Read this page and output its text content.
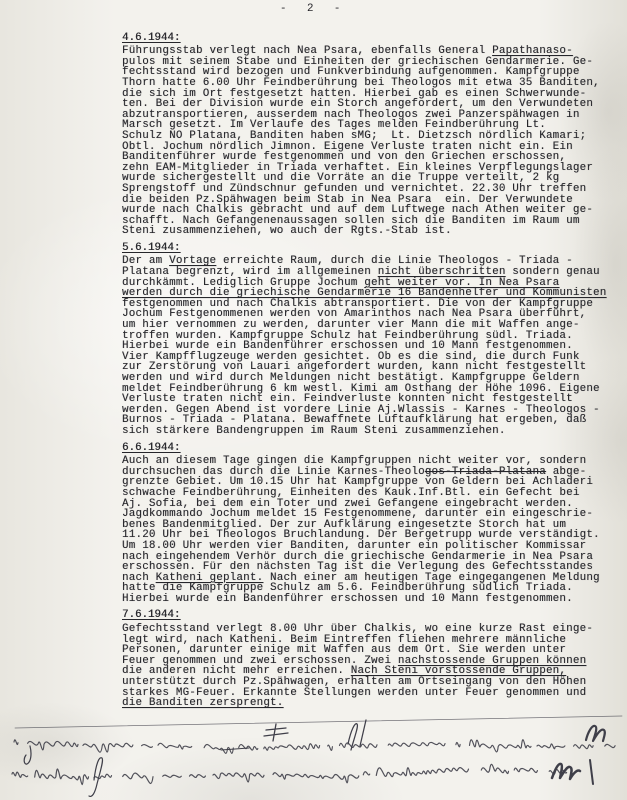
- 2 -
4.6.1944:
Führungsstab verlegt nach Nea Psara, ebenfalls General Papathanaso-
pulos mit seinem Stabe und Einheiten der griechischen Gendarmerie. Ge-
fechtsstand wird bezogen und Funkverbindung aufgenommen. Kampfgruppe
Thorn hatte 6.00 Uhr Feindberührung bei Theologos mit etwa 35 Banditen,
die sich im Ort festgesetzt hatten. Hierbei gab es einen Schwerwunde-
ten. Bei der Division wurde ein Storch angefordert, um den Verwundeten
abzutransportieren, ausserdem nach Theologos zwei Panzerspähwagen in
Marsch gesetzt. Im Verlaufe des Tages melden Feindberührung Lt.
Schulz NO Platana, Banditen haben sMG;  Lt. Dietzsch nördlich Kamari;
Obtl. Jochum nördlich Jimnon. Eigene Verluste traten nicht ein. Ein
Banditenführer wurde festgenommen und von den Griechen erschossen,
zehn EAM-Mitglieder in Triada verhaftet. Ein kleines Verpflegungslager
wurde sichergestellt und die Vorräte an die Truppe verteilt, 2 kg
Sprengstoff und Zündschnur gefunden und vernichtet. 22.30 Uhr treffen
die beiden Pz.Spähwagen beim Stab in Nea Psara  ein. Der Verwundete
wurde nach Chalkis gebracht und auf dem Luftwege nach Athen weiter ge-
schafft. Nach Gefangenenaussagen sollen sich die Banditen im Raum um
Steni zusammenziehen, wo auch der Rgts.-Stab ist.
5.6.1944:
Der am Vortage erreichte Raum, durch die Linie Theologos - Triada -
Platana begrenzt, wird im allgemeinen nicht überschritten sondern genau
durchkämmt. Lediglich Gruppe Jochum geht weiter vor. In Nea Psara
werden durch die griechische Gendarmerie 16 Bandenhelfer und Kommunisten
festgenommen und nach Chalkis abtransportiert. Die von der Kampfgruppe
Jochum Festgenommenen werden von Amarinthos nach Nea Psara überführt,
um hier vernommen zu werden, darunter vier Mann die mit Waffen ange-
troffen wurden. Kampfgruppe Schulz hat Feindberührung südl. Triada.
Hierbei wurde ein Bandenführer erschossen und 10 Mann festgenommen.
Vier Kampfflugzeuge werden gesichtet. Ob es die sind, die durch Funk
zur Zerstörung von Lauari angefordert wurden, kann nicht festgestellt
werden und wird durch Meldungen nicht bestätigt. Kampfgruppe Geldern
meldet Feindberührung 6 km westl. Kimi am Osthang der Höhe 1096. Eigene
Verluste traten nicht ein. Feindverluste konnten nicht festgestellt
werden. Gegen Abend ist vordere Linie Aj.Wlassis - Karnes - Theologos -
Burnos - Triada - Platana. Bewaffnete Luftaufklärung hat ergeben, daß
sich stärkere Bandengruppen im Raum Steni zusammenziehen.
6.6.1944:
Auch an diesem Tage gingen die Kampfgruppen nicht weiter vor, sondern
durchsuchen das durch die Linie Karnes-Theologos-Triada-Platana abge-
grenzte Gebiet. Um 10.15 Uhr hat Kampfgruppe von Geldern bei Achladeri
schwache Feindberührung, Einheiten des Kauk.Inf.Btl. ein Gefecht bei
Aj. Sofia, bei dem ein Toter und zwei Gefangene eingebracht werden.
Jagdkommando Jochum meldet 15 Festgenommene, darunter ein eingeschrie-
benes Bandenmitglied. Der zur Aufklärung eingesetzte Storch hat um
11.20 Uhr bei Theologos Bruchlandung. Der Bergetrupp wurde verständigt.
Um 18.00 Uhr werden vier Banditen, darunter ein politischer Kommissar
nach eingehendem Verhör durch die griechische Gendarmerie in Nea Psara
erschossen. Für den nächsten Tag ist die Verlegung des Gefechtsstandes
nach Katheni geplant. Nach einer am heutigen Tage eingegangenen Meldung
hatte die Kampfgruppe Schulz am 5.6. Feindberührung südlich Triada.
Hierbei wurde ein Bandenführer erschossen und 10 Mann festgenommen.
7.6.1944:
Gefechtsstand verlegt 8.00 Uhr über Chalkis, wo eine kurze Rast einge-
legt wird, nach Katheni. Beim Eintreffen fliehen mehrere männliche
Personen, darunter einige mit Waffen aus dem Ort. Sie werden unter
Feuer genommen und zwei erschossen. Zwei nachstossende Gruppen können
die anderen nicht mehr erreichen. Nach Steni vorstossende Gruppen,
unterstützt durch Pz.Spähwagen, erhalten am Ortseingang von den Höhen
starkes MG-Feuer. Erkannte Stellungen werden unter Feuer genommen und
die Banditen zersprengt.
